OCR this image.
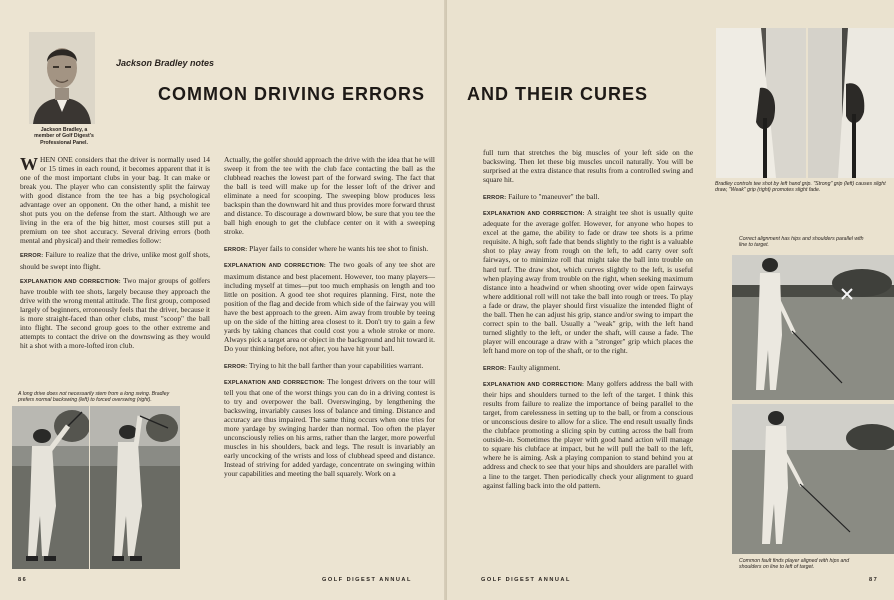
Jackson Bradley, a member of Golf Digest's Professional Panel.
Jackson Bradley notes
COMMON DRIVING ERRORS

WHEN ONE considers that the driver is normally used 14 or 15 times in each round, it becomes apparent that it is one of the most important clubs in your bag. It can make or break you. The player who can consistently split the fairway with good distance from the tee has a big psychological advantage over an opponent. On the other hand, a mishit tee shot puts you on the defense from the start. Although we are living in the era of the big hitter, most courses still put a premium on tee shot accuracy. Several driving errors (both mental and physical) and their remedies follow:

ERROR: Failure to realize that the drive, unlike most golf shots, should be swept into flight.

EXPLANATION AND CORRECTION: Two major groups of golfers have trouble with tee shots, largely because they approach the drive with the wrong mental attitude. The first group, composed largely of beginners, erroneously feels that the driver, because it is more straight-faced than other clubs, must "scoop" the ball into flight. The second group goes to the other extreme and attempts to contact the drive on the downswing as they would hit a shot with a more-lofted iron club.

A long drive does not necessarily stem from a long swing. Bradley prefers normal backswing (left) to forced overswing (right).

Actually, the golfer should approach the drive with the idea that he will sweep it from the tee with the club face contacting the ball as the clubhead reaches the lowest part of the forward swing. The fact that the ball is teed will make up for the lesser loft of the driver and eliminate a need for scooping. The sweeping blow produces less backspin than the downward hit and thus provides more forward thrust and distance. To discourage a downward blow, be sure that you tee the ball high enough to get the clubface center on it with a sweeping stroke.

ERROR: Player fails to consider where he wants his tee shot to finish.

EXPLANATION AND CORRECTION: The two goals of any tee shot are maximum distance and best placement. However, too many players—including myself at times—put too much emphasis on length and too little on position. A good tee shot requires planning. First, note the position of the flag and decide from which side of the fairway you will have the best approach to the green. Aim away from trouble by teeing up on the side of the hitting area closest to it. Don't try to gain a few yards by taking chances that could cost you a whole stroke or more. Always pick a target area or object in the background and hit toward it. Do your thinking before, not after, you have hit your ball.

ERROR: Trying to hit the ball farther than your capabilities warrant.

EXPLANATION AND CORRECTION: The longest drivers on the tour will tell you that one of the worst things you can do in a driving contest is to try and overpower the ball. Overswinging, by lengthening the backswing, invariably causes loss of balance and timing. Distance and accuracy are thus impaired. The same thing occurs when one tries for more yardage by swinging harder than normal. Too often the player unconsciously relies on his arms, rather than the larger, more powerful muscles in his shoulders, back and legs. The result is invariably an early uncocking of the wrists and loss of clubhead speed and distance. Instead of striving for added yardage, concentrate on swinging within your capabilities and meeting the ball squarely. Work on a

86	GOLF DIGEST ANNUAL
AND THEIR CURES

full turn that stretches the big muscles of your left side on the backswing. Then let these big muscles uncoil naturally. You will be surprised at the extra distance that results from a controlled swing and square hit.

ERROR: Failure to "maneuver" the ball.

EXPLANATION AND CORRECTION: A straight tee shot is usually quite adequate for the average golfer. However, for anyone who hopes to excel at the game, the ability to fade or draw tee shots is a prime requisite. A high, soft fade that bends slightly to the right is a valuable shot to play away from rough on the left, to add carry over soft fairways, or to minimize roll that might take the ball into trouble on hard turf. The draw shot, which curves slightly to the left, is useful when playing away from trouble on the right, when seeking maximum distance into a headwind or when shooting over wide open fairways where additional roll will not take the ball into rough or trees. To play a fade or draw, the player should first visualize the intended flight of the ball. Then he can adjust his grip, stance and/or swing to impart the correct spin to the ball. Usually a "weak" grip, with the left hand turned slightly to the left, or under the shaft, will cause a fade. The player will encourage a draw with a "stronger" grip which places the left hand more on top of the shaft, or to the right.

ERROR: Faulty alignment.

EXPLANATION AND CORRECTION: Many golfers address the ball with their hips and shoulders turned to the left of the target. I think this results from failure to realize the importance of being parallel to the target, from carelessness in setting up to the ball, or from a conscious or unconscious desire to allow for a slice. The end result usually finds the clubface promoting a slicing spin by cutting across the ball from outside-in. Sometimes the player with good hand action will manage to square his clubface at impact, but he will pull the ball to the left, where he is aiming. Ask a playing companion to stand behind you at address and check to see that your hips and shoulders are parallel with a line to the target. Then periodically check your alignment to guard against falling back into the old pattern.

Bradley controls tee shot by left hand grip. "Strong" grip (left) causes slight draw, "Weak" grip (right) promotes slight fade.
Correct alignment has hips and shoulders parallel with line to target.
Common fault finds player aligned with hips and shoulders on line to left of target.
GOLF DIGEST ANNUAL	87
